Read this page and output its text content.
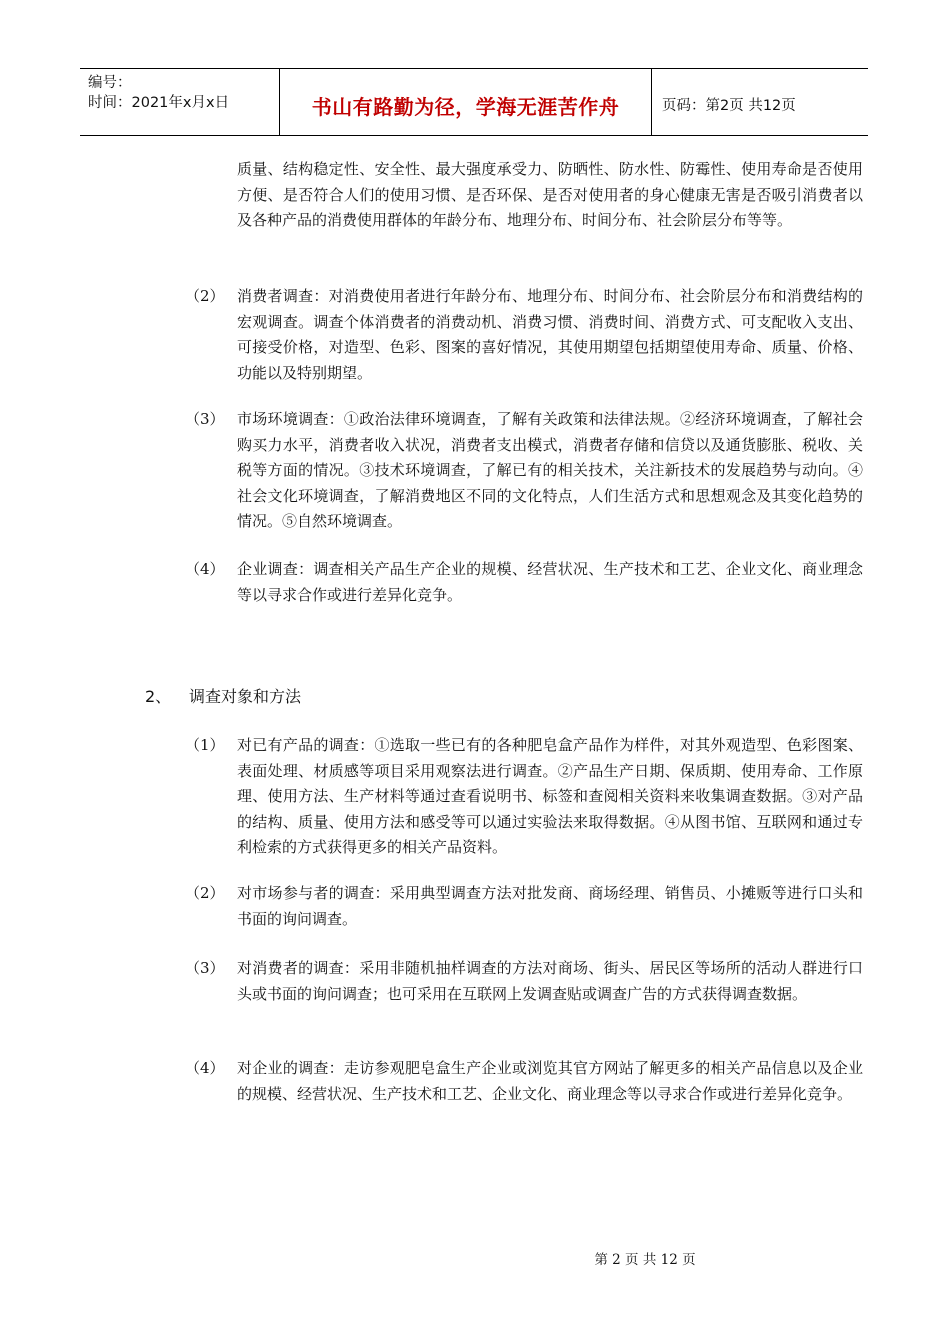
编号：
时间：2021年x月x日	书山有路勤为径，学海无涯苦作舟	页码：第2页 共12页
质量、结构稳定性、安全性、最大强度承受力、防晒性、防水性、防霉性、使用寿命是否使用方便、是否符合人们的使用习惯、是否环保、是否对使用者的身心健康无害是否吸引消费者以及各种产品的消费使用群体的年龄分布、地理分布、时间分布、社会阶层分布等等。
（2） 消费者调查：对消费使用者进行年龄分布、地理分布、时间分布、社会阶层分布和消费结构的宏观调查。调查个体消费者的消费动机、消费习惯、消费时间、消费方式、可支配收入支出、可接受价格，对造型、色彩、图案的喜好情况，其使用期望包括期望使用寿命、质量、价格、功能以及特别期望。
（3） 市场环境调查：①政治法律环境调查，了解有关政策和法律法规。②经济环境调查，了解社会购买力水平，消费者收入状况，消费者支出模式，消费者存储和信贷以及通货膨胀、税收、关税等方面的情况。③技术环境调查，了解已有的相关技术，关注新技术的发展趋势与动向。④社会文化环境调查，了解消费地区不同的文化特点，人们生活方式和思想观念及其变化趋势的情况。⑤自然环境调查。
（4） 企业调查：调查相关产品生产企业的规模、经营状况、生产技术和工艺、企业文化、商业理念等以寻求合作或进行差异化竞争。
2、 调查对象和方法
（1） 对已有产品的调查：①选取一些已有的各种肥皂盒产品作为样件，对其外观造型、色彩图案、表面处理、材质感等项目采用观察法进行调查。②产品生产日期、保质期、使用寿命、工作原理、使用方法、生产材料等通过查看说明书、标签和查阅相关资料来收集调查数据。③对产品的结构、质量、使用方法和感受等可以通过实验法来取得数据。④从图书馆、互联网和通过专利检索的方式获得更多的相关产品资料。
（2） 对市场参与者的调查：采用典型调查方法对批发商、商场经理、销售员、小摊贩等进行口头和书面的询问调查。
（3） 对消费者的调查：采用非随机抽样调查的方法对商场、街头、居民区等场所的活动人群进行口头或书面的询问调查；也可采用在互联网上发调查贴或调查广告的方式获得调查数据。
（4） 对企业的调查：走访参观肥皂盒生产企业或浏览其官方网站了解更多的相关产品信息以及企业的规模、经营状况、生产技术和工艺、企业文化、商业理念等以寻求合作或进行差异化竞争。
第 2 页 共 12 页
